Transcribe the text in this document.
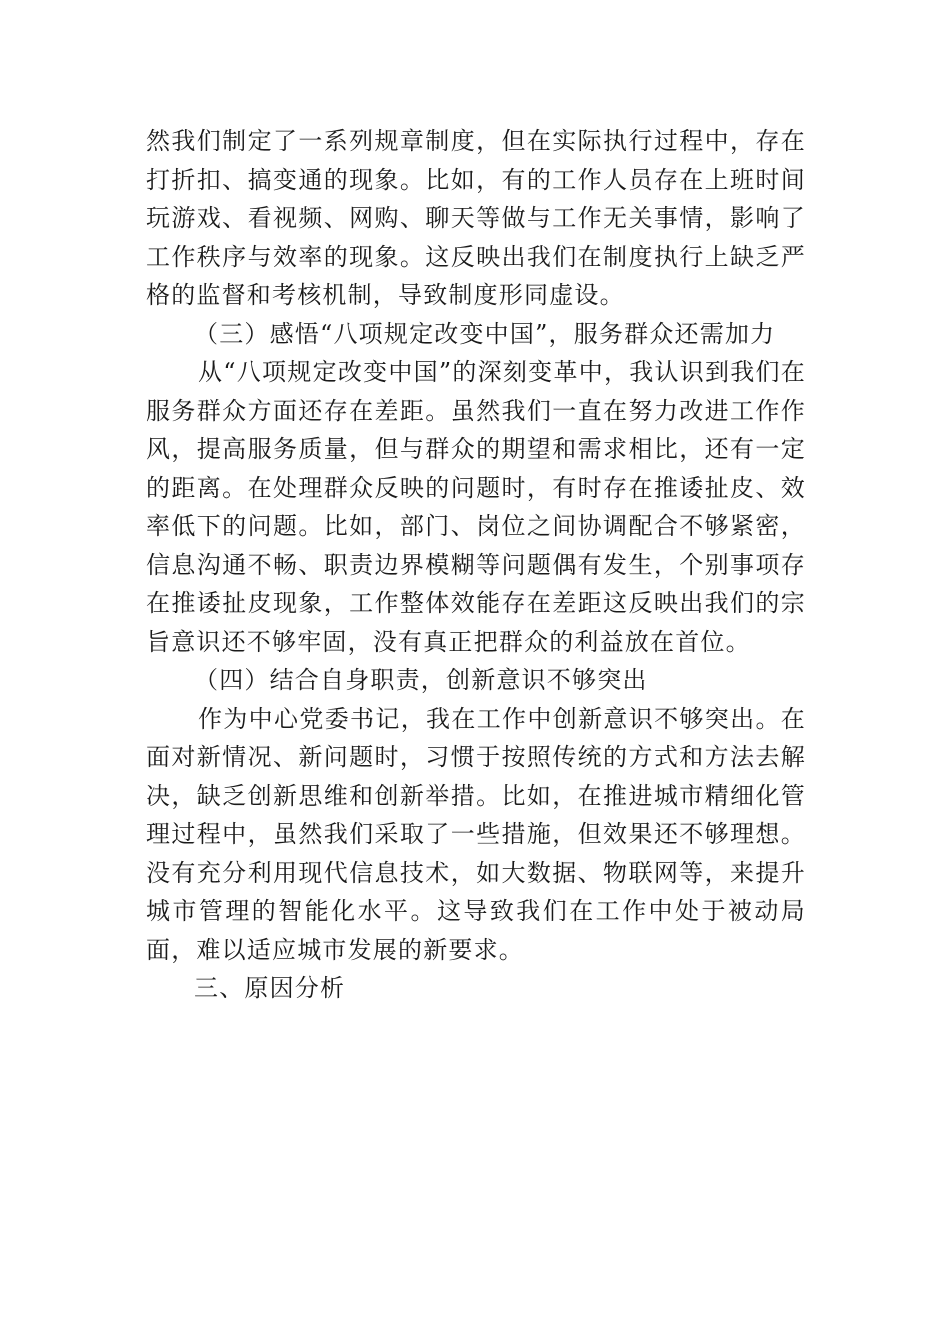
然我们制定了一系列规章制度，但在实际执行过程中，存在打折扣、搞变通的现象。比如，有的工作人员存在上班时间玩游戏、看视频、网购、聊天等做与工作无关事情，影响了工作秩序与效率的现象。这反映出我们在制度执行上缺乏严格的监督和考核机制，导致制度形同虚设。

（三）感悟“八项规定改变中国”，服务群众还需加力

从“八项规定改变中国”的深刻变革中，我认识到我们在服务群众方面还存在差距。虽然我们一直在努力改进工作作风，提高服务质量，但与群众的期望和需求相比，还有一定的距离。在处理群众反映的问题时，有时存在推诿扯皮、效率低下的问题。比如，部门、岗位之间协调配合不够紧密，信息沟通不畅、职责边界模糊等问题偶有发生，个别事项存在推诿扯皮现象，工作整体效能存在差距这反映出我们的宗旨意识还不够牢固，没有真正把群众的利益放在首位。

（四）结合自身职责，创新意识不够突出

作为中心党委书记，我在工作中创新意识不够突出。在面对新情况、新问题时，习惯于按照传统的方式和方法去解决，缺乏创新思维和创新举措。比如，在推进城市精细化管理过程中，虽然我们采取了一些措施，但效果还不够理想。没有充分利用现代信息技术，如大数据、物联网等，来提升城市管理的智能化水平。这导致我们在工作中处于被动局面，难以适应城市发展的新要求。

三、原因分析
